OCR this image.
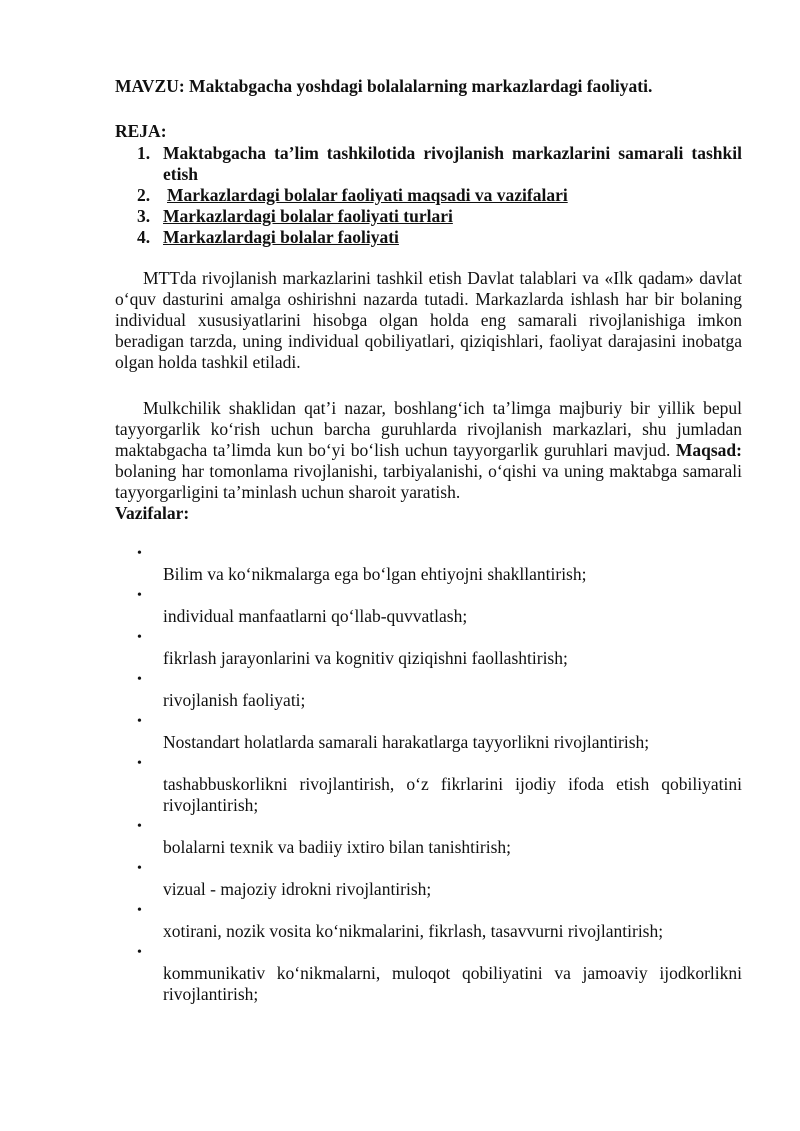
MAVZU: Maktabgacha yoshdagi bolalalarning markazlardagi faoliyati.
REJA:
1. Maktabgacha ta’lim tashkilotida rivojlanish markazlarini samarali tashkil etish
2. Markazlardagi bolalar faoliyati maqsadi va vazifalari
3. Markazlardagi bolalar faoliyati turlari
4. Markazlardagi bolalar faoliyati

MTTda rivojlanish markazlarini tashkil etish Davlat talablari va «Ilk qadam» davlat o‘quv dasturini amalga oshirishni nazarda tutadi. Markazlarda ishlash har bir bolaning individual xususiyatlarini hisobga olgan holda eng samarali rivojlanishiga imkon beradigan tarzda, uning individual qobiliyatlari, qiziqishlari, faoliyat darajasini inobatga olgan holda tashkil etiladi.

Mulkchilik shaklidan qat’i nazar, boshlang‘ich ta’limga majburiy bir yillik bepul tayyorgarlik ko‘rish uchun barcha guruhlarda rivojlanish markazlari, shu jumladan maktabgacha ta’limda kun bo‘yi bo‘lish uchun tayyorgarlik guruhlari mavjud. Maqsad: bolaning har tomonlama rivojlanishi, tarbiyalanishi, o‘qishi va uning maktabga samarali tayyorgarligini ta’minlash uchun sharoit yaratish.
Vazifalar:

•
Bilim va ko‘nikmalarga ega bo‘lgan ehtiyojni shakllantirish;
•
individual manfaatlarni qo‘llab-quvvatlash;
•
fikrlash jarayonlarini va kognitiv qiziqishni faollashtirish;
•
rivojlanish faoliyati;
•
Nostandart holatlarda samarali harakatlarga tayyorlikni rivojlantirish;
•
tashabbuskorlikni rivojlantirish, o‘z fikrlarini ijodiy ifoda etish qobiliyatini rivojlantirish;
•
bolalarni texnik va badiiy ixtiro bilan tanishtirish;
•
vizual - majoziy idrokni rivojlantirish;
•
xotirani, nozik vosita ko‘nikmalarini, fikrlash, tasavvurni rivojlantirish;
•
kommunikativ ko‘nikmalarni, muloqot qobiliyatini va jamoaviy ijodkorlikni rivojlantirish;
